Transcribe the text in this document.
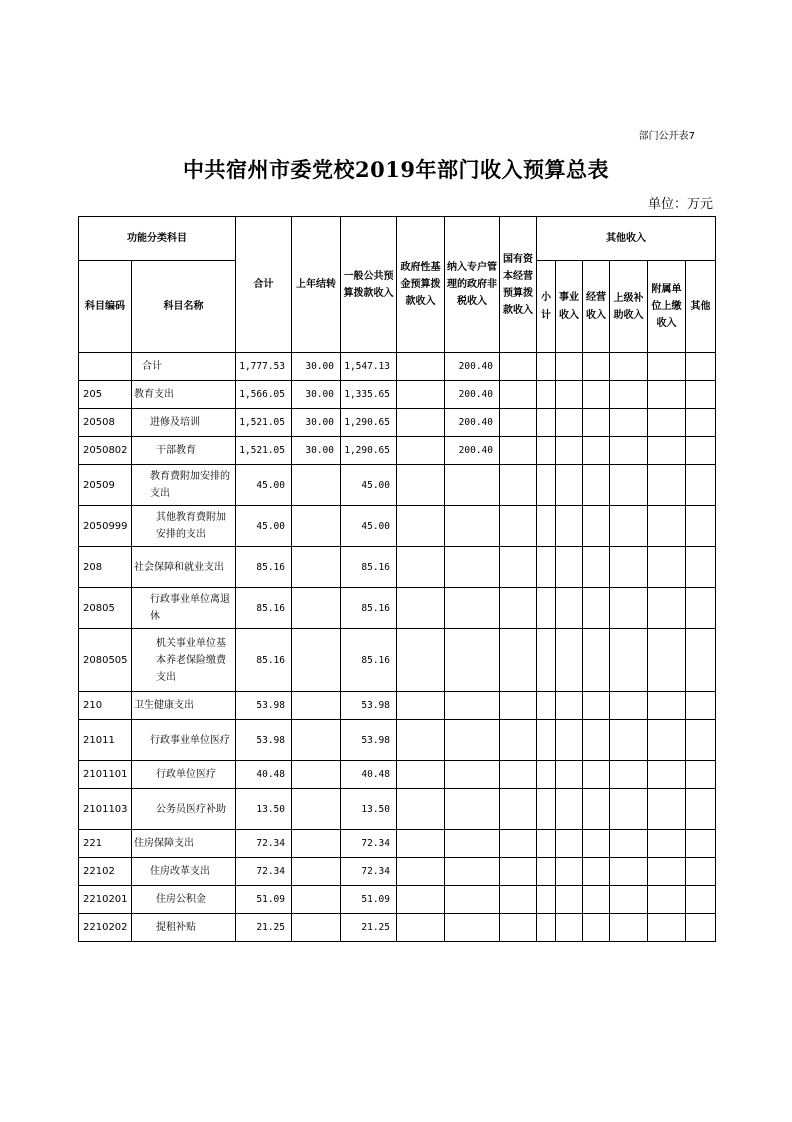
部门公开表7
中共宿州市委党校2019年部门收入预算总表
单位：万元
功能分类科目		合计	上年结转	一般公共预算拨款收入	政府性基金预算拨款收入	纳入专户管理的政府非税收入	国有资本经营预算拨款收入	其他收入					
科目编码	科目名称							小计	事业收入	经营收入	上级补助收入	附属单位上缴收入	其他
	合计	1,777.53	30.00	1,547.13		200.40							
205	教育支出	1,566.05	30.00	1,335.65		200.40							
20508	进修及培训	1,521.05	30.00	1,290.65		200.40							
2050802	干部教育	1,521.05	30.00	1,290.65		200.40							
20509	教育费附加安排的支出	45.00		45.00									
2050999	其他教育费附加安排的支出	45.00		45.00									
208	社会保障和就业支出	85.16		85.16									
20805	行政事业单位离退休	85.16		85.16									
2080505	机关事业单位基本养老保险缴费支出	85.16		85.16									
210	卫生健康支出	53.98		53.98									
21011	行政事业单位医疗	53.98		53.98									
2101101	行政单位医疗	40.48		40.48									
2101103	公务员医疗补助	13.50		13.50									
221	住房保障支出	72.34		72.34									
22102	住房改革支出	72.34		72.34									
2210201	住房公积金	51.09		51.09									
2210202	提租补贴	21.25		21.25									
